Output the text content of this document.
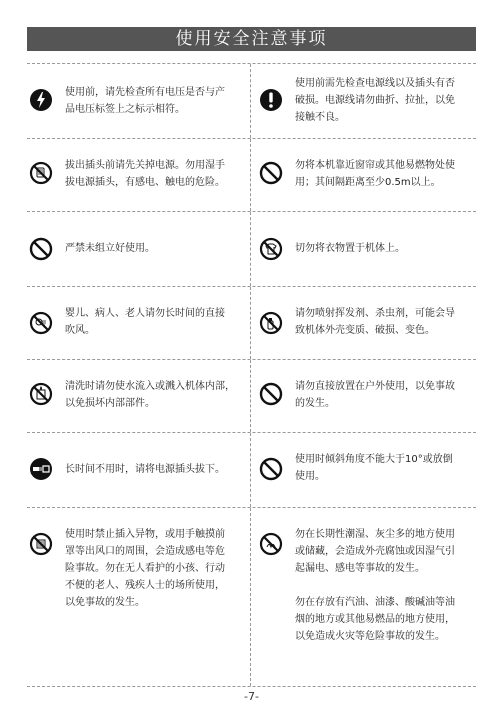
使用安全注意事项
使用前，请先检查所有电压是否与产
品电压标签上之标示相符。
使用前需先检查电源线以及插头有否
破损。电源线请勿曲折、拉扯，以免
接触不良。
拔出插头前请先关掉电源。勿用湿手
拔电源插头，有感电、触电的危险。
勿将本机靠近窗帘或其他易燃物处使
用；其间隔距离至少0.5m以上。
严禁未组立好使用。	切勿将衣物置于机体上。
婴儿、病人、老人请勿长时间的直接
吹风。
请勿喷射挥发剂、杀虫剂，可能会导
致机体外壳变质、破损、变色。
清洗时请勿使水流入或溅入机体内部，
以免损坏内部部件。
请勿直接放置在户外使用，以免事故
的发生。
长时间不用时，请将电源插头拔下。
使用时倾斜角度不能大于10°或放倒
使用。
使用时禁止插入异物，或用手触摸前
罩等出风口的周围，会造成感电等危
险事故。勿在无人看护的小孩、行动
不便的老人、残疾人士的场所使用，
以免事故的发生。
勿在长期性潮湿、灰尘多的地方使用
或储藏，会造成外壳腐蚀或因湿气引
起漏电、感电等事故的发生。

勿在存放有汽油、油漆、酸碱油等油
烟的地方或其他易燃品的地方使用，
以免造成火灾等危险事故的发生。
-7-
